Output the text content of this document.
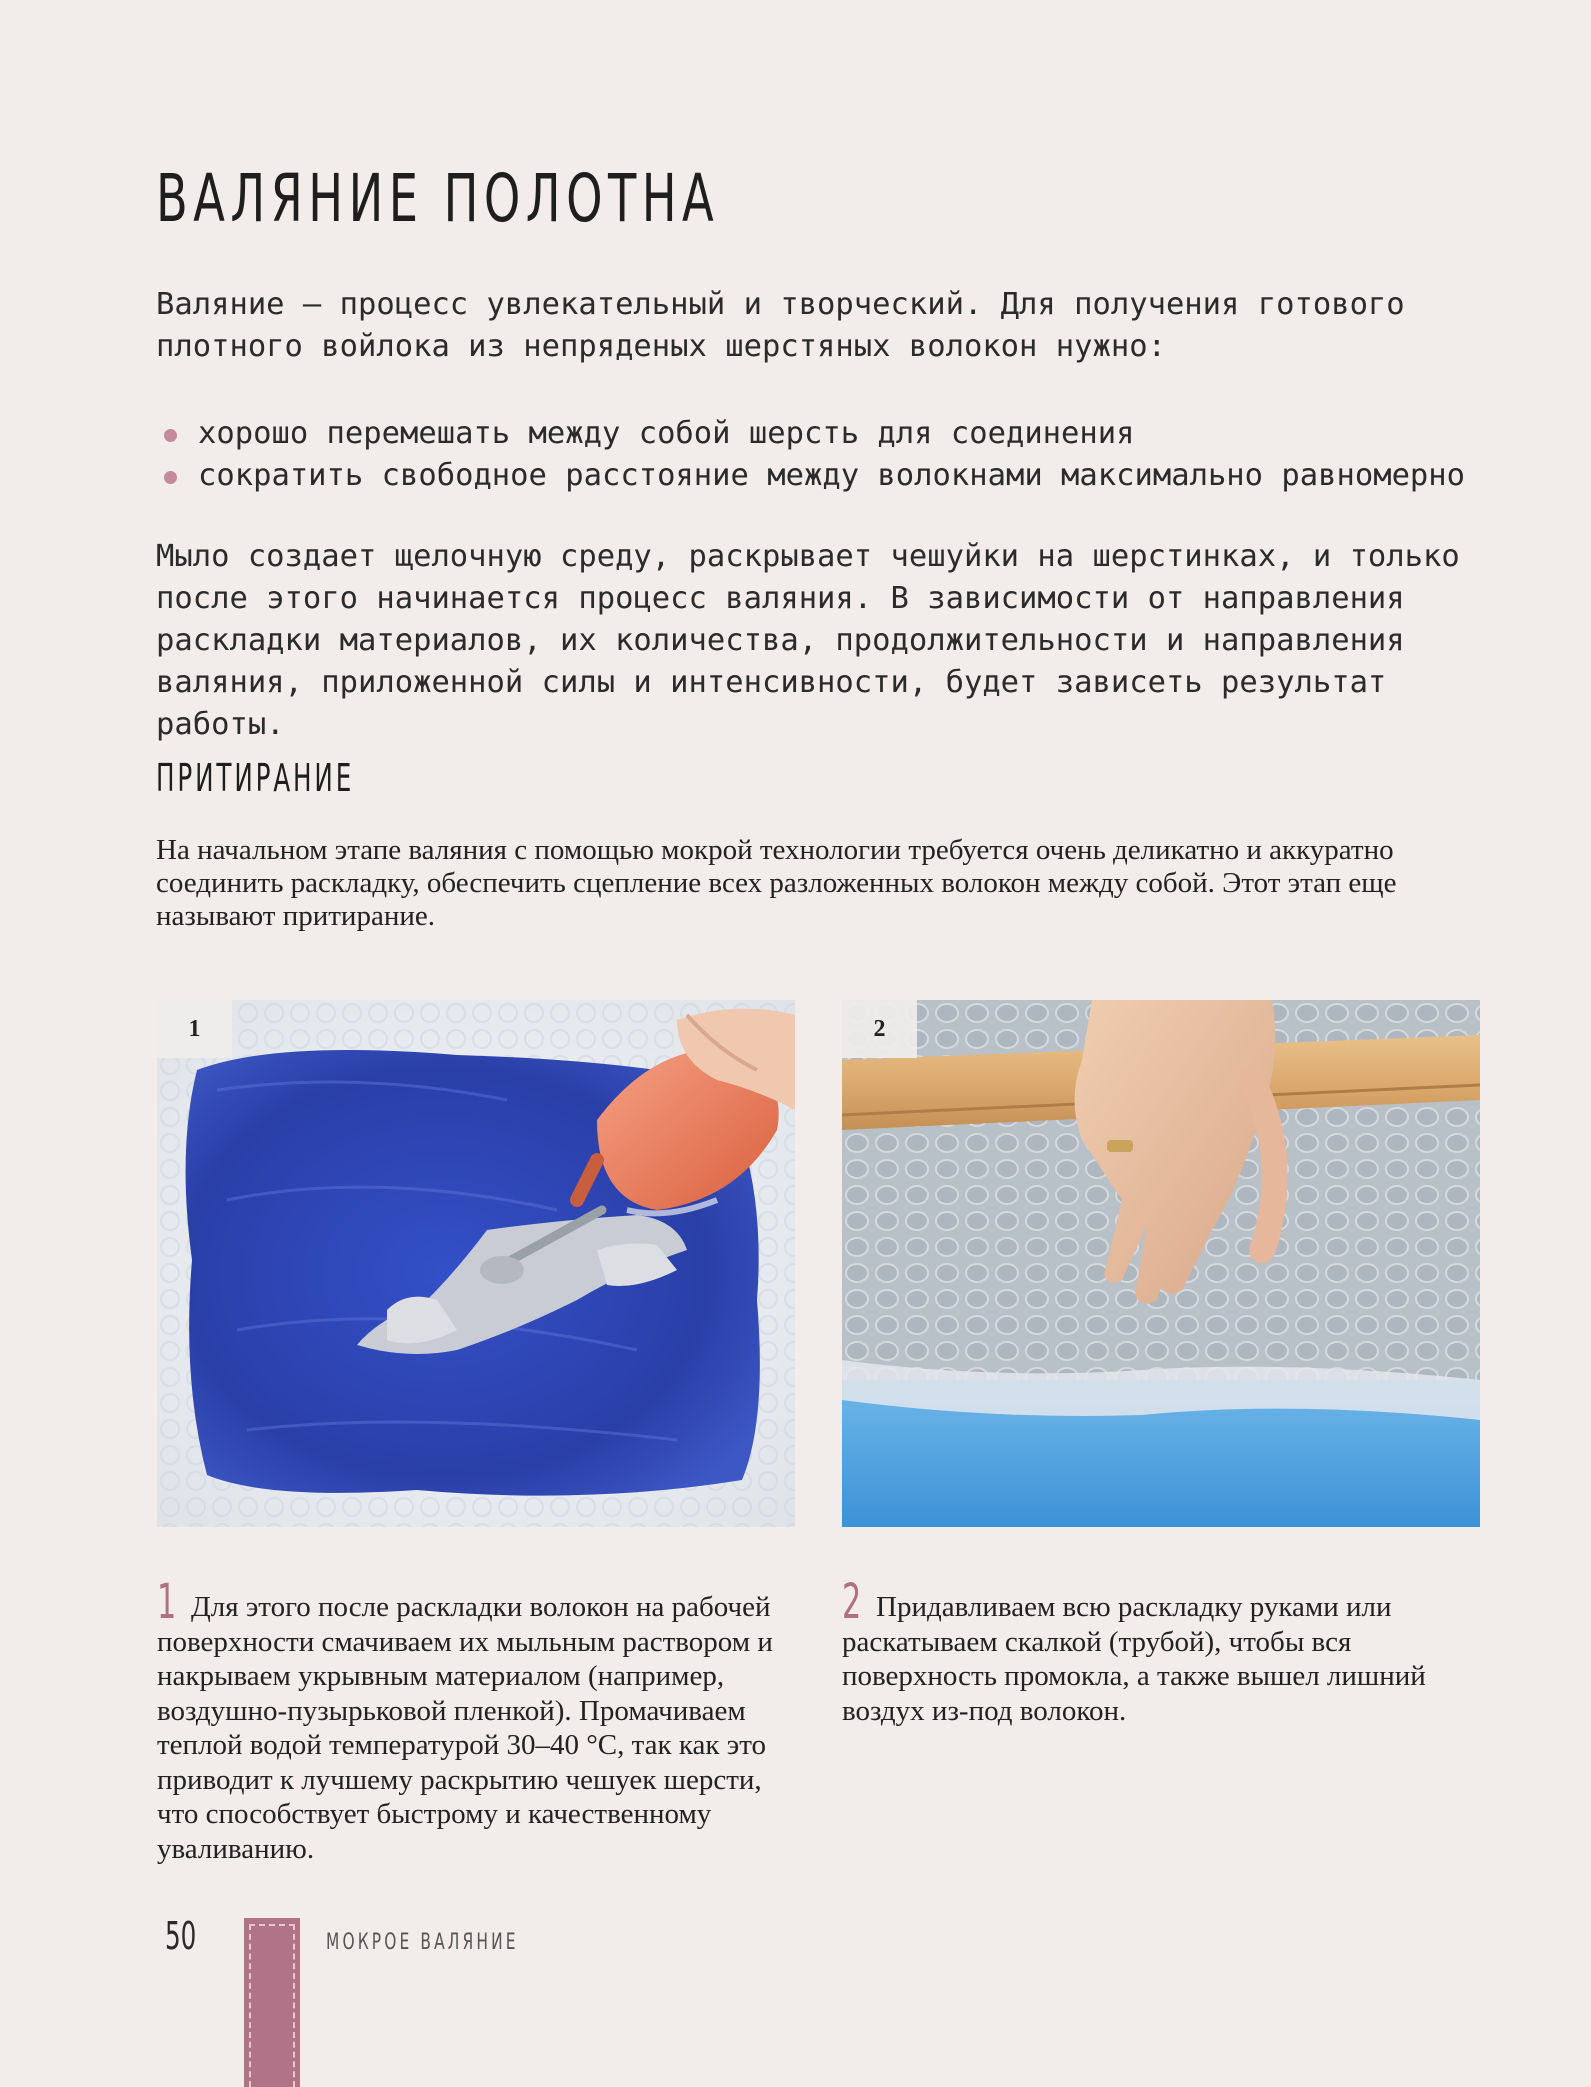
ВАЛЯНИЕ ПОЛОТНА

Валяние — процесс увлекательный и творческий. Для получения готового плотного войлока из непряденых шерстяных волокон нужно:

хорошо перемешать между собой шерсть для соединения
сократить свободное расстояние между волокнами максимально равномерно

Мыло создает щелочную среду, раскрывает чешуйки на шерстинках, и только после этого начинается процесс валяния. В зависимости от направления раскладки материалов, их количества, продолжительности и направления валяния, приложенной силы и интенсивности, будет зависеть результат работы.

ПРИТИРАНИЕ

На начальном этапе валяния с помощью мокрой технологии требуется очень деликатно и аккуратно соединить раскладку, обеспечить сцепление всех разложенных волокон между собой. Этот этап еще называют притирание.

1	2

1 Для этого после раскладки волокон на рабочей поверхности смачиваем их мыльным раствором и накрываем укрывным материалом (например, воздушно-пузырьковой пленкой). Промачиваем теплой водой температурой 30–40 °С, так как это приводит к лучшему раскрытию чешуек шерсти, что способствует быстрому и качественному уваливанию.

2 Придавливаем всю раскладку руками или раскатываем скалкой (трубой), чтобы вся поверхность промокла, а также вышел лишний воздух из-под волокон.

50	МОКРОЕ ВАЛЯНИЕ
